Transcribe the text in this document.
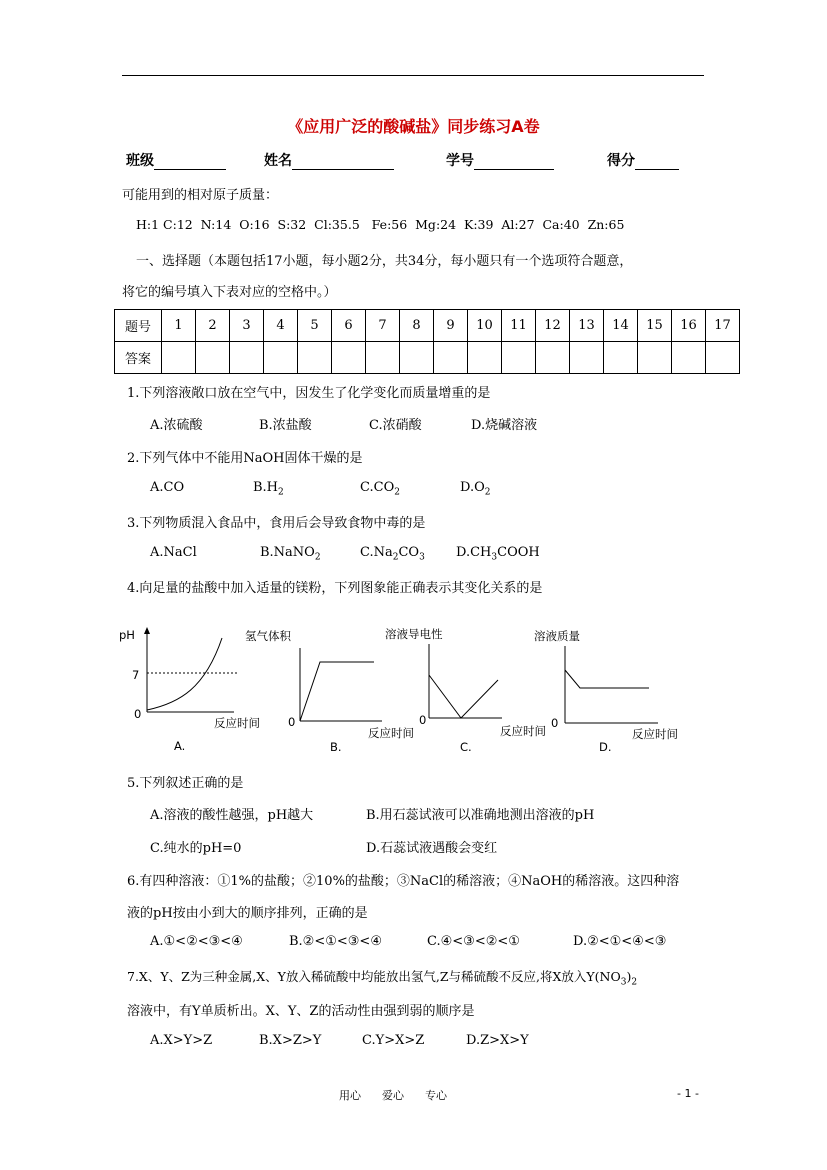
《应用广泛的酸碱盐》同步练习A卷
班级	姓名	学号	得分
可能用到的相对原子质量：
H:1 C:12  N:14  O:16  S:32  Cl:35.5   Fe:56  Mg:24  K:39  Al:27  Ca:40  Zn:65
一、选择题（本题包括17小题，每小题2分，共34分，每小题只有一个选项符合题意，
将它的编号填入下表对应的空格中。）
题号	1	2	3	4	5	6	7	8	9	10	11	12	13	14	15	16	17
答案																	
1.下列溶液敞口放在空气中，因发生了化学变化而质量增重的是
A.浓硫酸	B.浓盐酸	C.浓硝酸	D.烧碱溶液
2.下列气体中不能用NaOH固体干燥的是
A.CO	$B.H_2$	$C.CO_2$	$D.O_2$
3.下列物质混入食品中，食用后会导致食物中毒的是
A.NaCl	B.NaNO$_2$	$C.Na_2CO_3$ $D.CH_3COOH$
4.向足量的盐酸中加入适量的镁粉，下列图象能正确表示其变化关系的是
pH
7
0
反应时间
A.
氢气体积
0
反应时间
B.
溶液导电性
0
反应时间
C.
溶液质量
0
反应时间
D.
5.下列叙述正确的是
A.溶液的酸性越强，pH越大	B.用石蕊试液可以准确地测出溶液的pH
C.纯水的pH=0	D.石蕊试液遇酸会变红
6.有四种溶液：①1%的盐酸；②10%的盐酸；③NaCl的稀溶液；④NaOH的稀溶液。这四种溶
液的pH按由小到大的顺序排列，正确的是
A.①<②<③<④	B.②<①<③<④	C.④<③<②<①	D.②<①<④<③
7.X、Y、Z为三种金属,X、Y放入稀硫酸中均能放出氢气,Z与稀硫酸不反应,将X放入$Y(NO_3)_2$
溶液中，有Y单质析出。X、Y、Z的活动性由强到弱的顺序是
A.X>Y>Z	B.X>Z>Y	C.Y>X>Z	D.Z>X>Y
用心      爱心      专心	- 1 -
